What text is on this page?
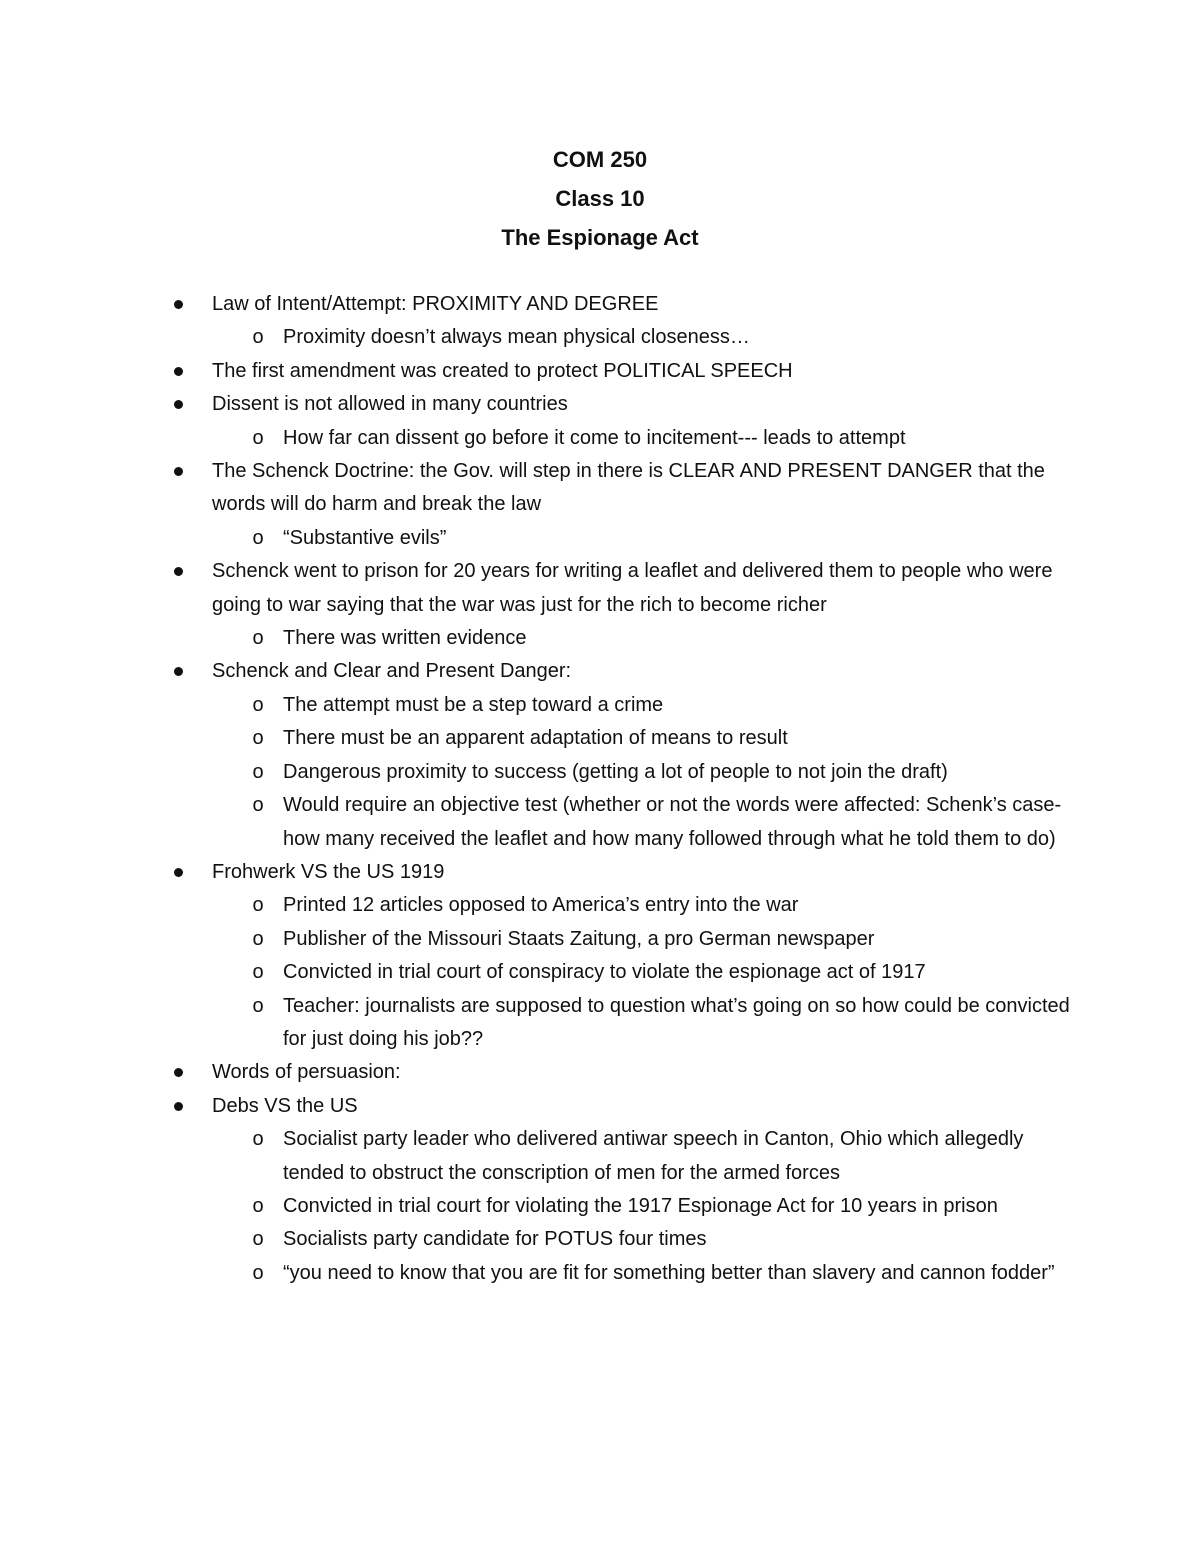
COM 250
Class 10
The Espionage Act
Law of Intent/Attempt: PROXIMITY AND DEGREE
o Proximity doesn’t always mean physical closeness…
The first amendment was created to protect POLITICAL SPEECH
Dissent is not allowed in many countries
o How far can dissent go before it come to incitement--- leads to attempt
The Schenck Doctrine: the Gov. will step in there is CLEAR AND PRESENT DANGER that the words will do harm and break the law
o “Substantive evils”
Schenck went to prison for 20 years for writing a leaflet and delivered them to people who were going to war saying that the war was just for the rich to become richer
o There was written evidence
Schenck and Clear and Present Danger:
o The attempt must be a step toward a crime
o There must be an apparent adaptation of means to result
o Dangerous proximity to success (getting a lot of people to not join the draft)
o Would require an objective test (whether or not the words were affected: Schenk’s case- how many received the leaflet and how many followed through what he told them to do)
Frohwerk VS the US 1919
o Printed 12 articles opposed to America’s entry into the war
o Publisher of the Missouri Staats Zaitung, a pro German newspaper
o Convicted in trial court of conspiracy to violate the espionage act of 1917
o Teacher: journalists are supposed to question what’s going on so how could be convicted for just doing his job??
Words of persuasion:
Debs VS the US
o Socialist party leader who delivered antiwar speech in Canton, Ohio which allegedly tended to obstruct the conscription of men for the armed forces
o Convicted in trial court for violating the 1917 Espionage Act for 10 years in prison
o Socialists party candidate for POTUS four times
o “you need to know that you are fit for something better than slavery and cannon fodder”
